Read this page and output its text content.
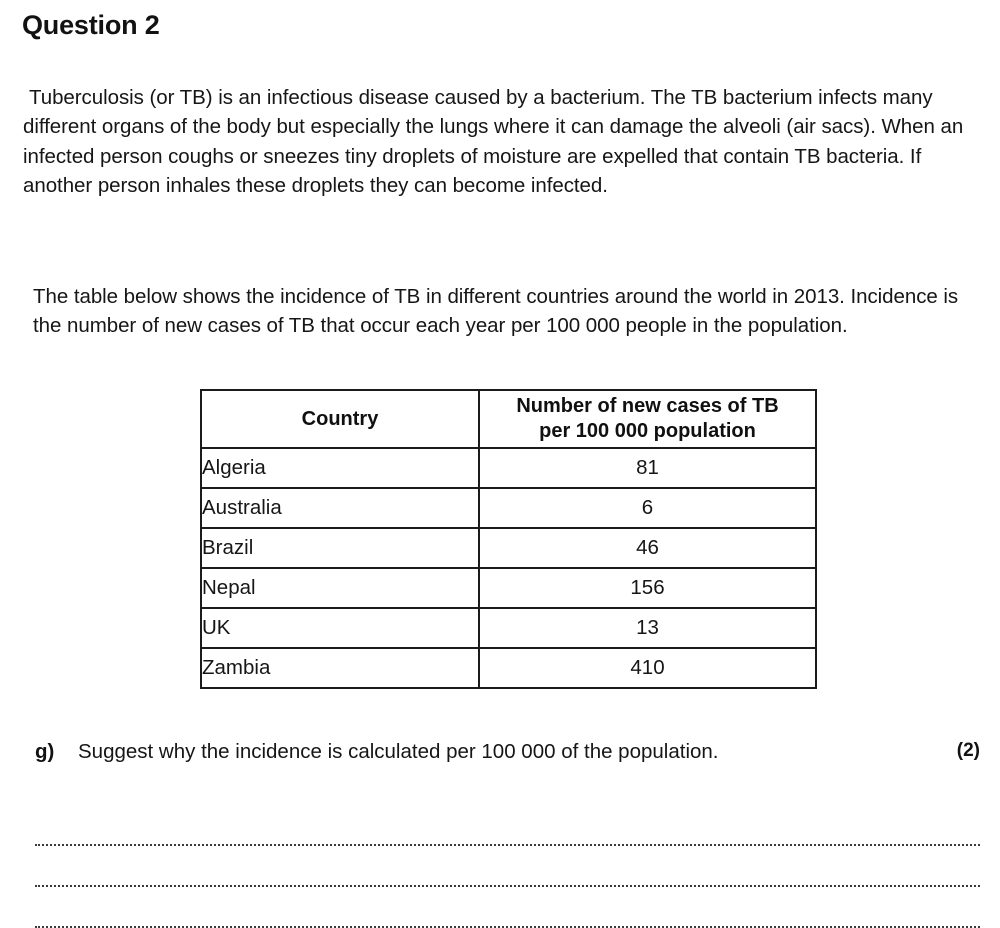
Question 2

Tuberculosis (or TB) is an infectious disease caused by a bacterium. The TB bacterium infects many different organs of the body but especially the lungs where it can damage the alveoli (air sacs). When an infected person coughs or sneezes tiny droplets of moisture are expelled that contain TB bacteria. If another person inhales these droplets they can become infected.

The table below shows the incidence of TB in different countries around the world in 2013. Incidence is the number of new cases of TB that occur each year per 100 000 people in the population.

Country	Number of new cases of TB
per 100 000 population

Algeria	81
Australia	6
Brazil	46
Nepal	156
UK	13
Zambia	410
g) Suggest why the incidence is calculated per 100 000 of the population.	(2)
